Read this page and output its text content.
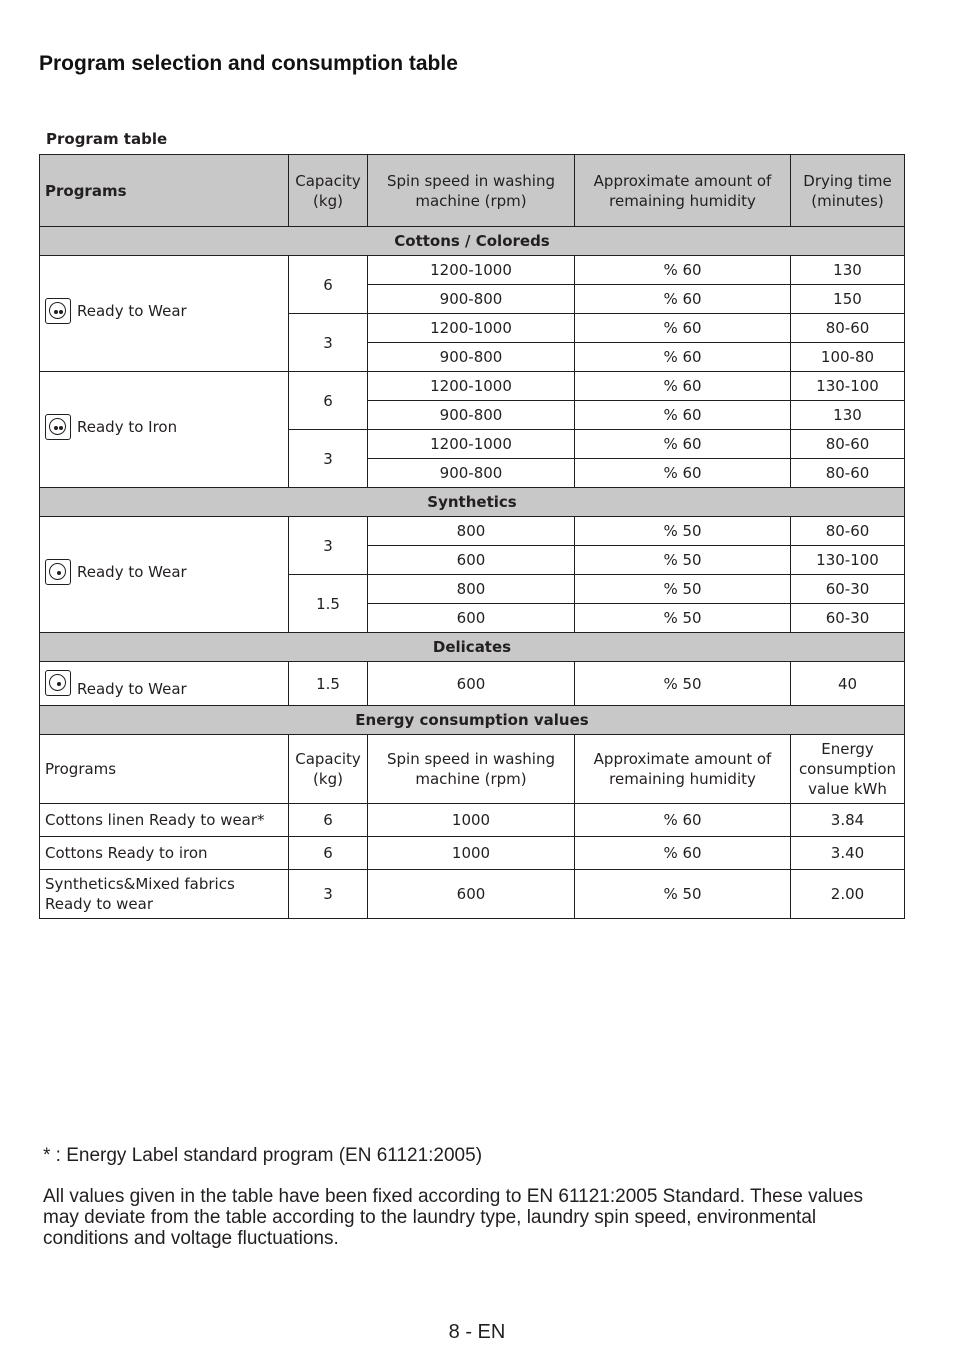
Program selection and consumption table
Program table
Programs	Capacity (kg)	Spin speed in washing machine (rpm)	Approximate amount of remaining humidity	Drying time (minutes)
Cottons / Coloreds				

Ready to Wear	6	1200-1000	% 60	130
		900-800	% 60	150
	3	1200-1000	% 60	80-60
		900-800	% 60	100-80

Ready to Iron	6	1200-1000	% 60	130-100
		900-800	% 60	130
	3	1200-1000	% 60	80-60
		900-800	% 60	80-60
Synthetics				

Ready to Wear	3	800	% 50	80-60
		600	% 50	130-100
	1.5	800	% 50	60-30
		600	% 50	60-30
Delicates				

Ready to Wear	1.5	600	% 50	40
Energy consumption values				
Programs	Capacity (kg)	Spin speed in washing machine (rpm)	Approximate amount of remaining humidity	Energy consumption value kWh
Cottons linen Ready to wear*	6	1000	% 60	3.84
Cottons Ready to iron	6	1000	% 60	3.40
Synthetics&Mixed fabrics Ready to wear	3	600	% 50	2.00
* : Energy Label standard program (EN 61121:2005)
All values given in the table have been fixed according to EN 61121:2005 Standard. These values may deviate from the table according to the laundry type, laundry spin speed, environmental conditions and voltage fluctuations.
8 - EN
